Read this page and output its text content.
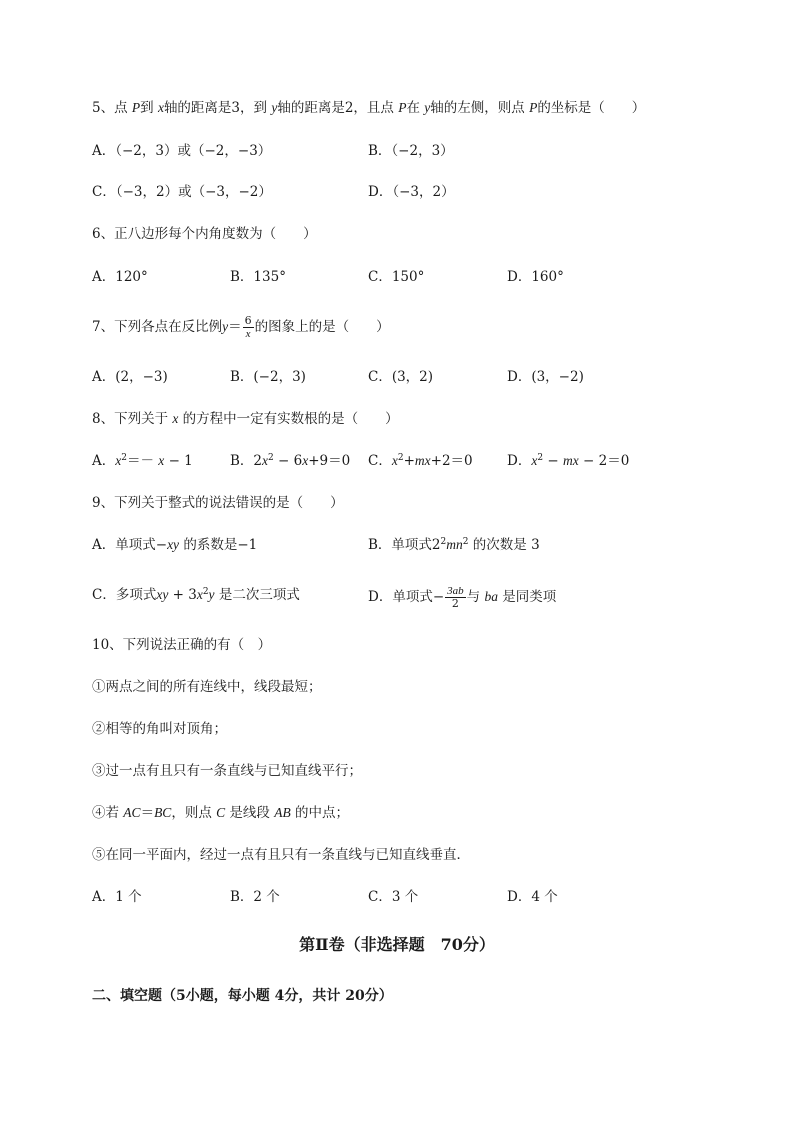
5、点 P到 x轴的距离是3，到 y轴的距离是2，且点 P在 y轴的左侧，则点 P的坐标是（　　）
A．（−2，3）或（−2，−3）	B．（−2，3）
C．（−3，2）或（−3，−2）	D．（−3，2）
6、正八边形每个内角度数为（　　）
A．120°	B．135°	C．150°	D．160°
7、下列各点在反比例$y= \frac{6}{x}$ 的图象上的是（　　）
A．(2，−3)	B．(−2，3)	C．(3，2)	D．(3，−2)
8、下列关于 x 的方程中一定有实数根的是（　　）
A．$x^2=- x - 1$	B．$2x^2 - 6x+9=0$ C．$x^2+mx+2=0$	D．$x^2$ − mx − 2＝0
9、下列关于整式的说法错误的是（　　）
A．单项式−xy 的系数是−1	B．单项式$2^2mn^2$ 的次数是 3
C．多项式xy + $3x^2y$ 是二次三项式	D．单项式− $\frac{3ab}{2}$ 与 ba 是同类项
10、下列说法正确的有（　）
①两点之间的所有连线中，线段最短；
②相等的角叫对顶角；
③过一点有且只有一条直线与已知直线平行；
④若 AC＝BC，则点 C 是线段 AB 的中点；
⑤在同一平面内，经过一点有且只有一条直线与已知直线垂直．
A．1 个	B．2 个	C．3 个	D．4 个
第Ⅱ卷（非选择题　70分）
二、填空题（5小题，每小题 4分，共计 20分）
